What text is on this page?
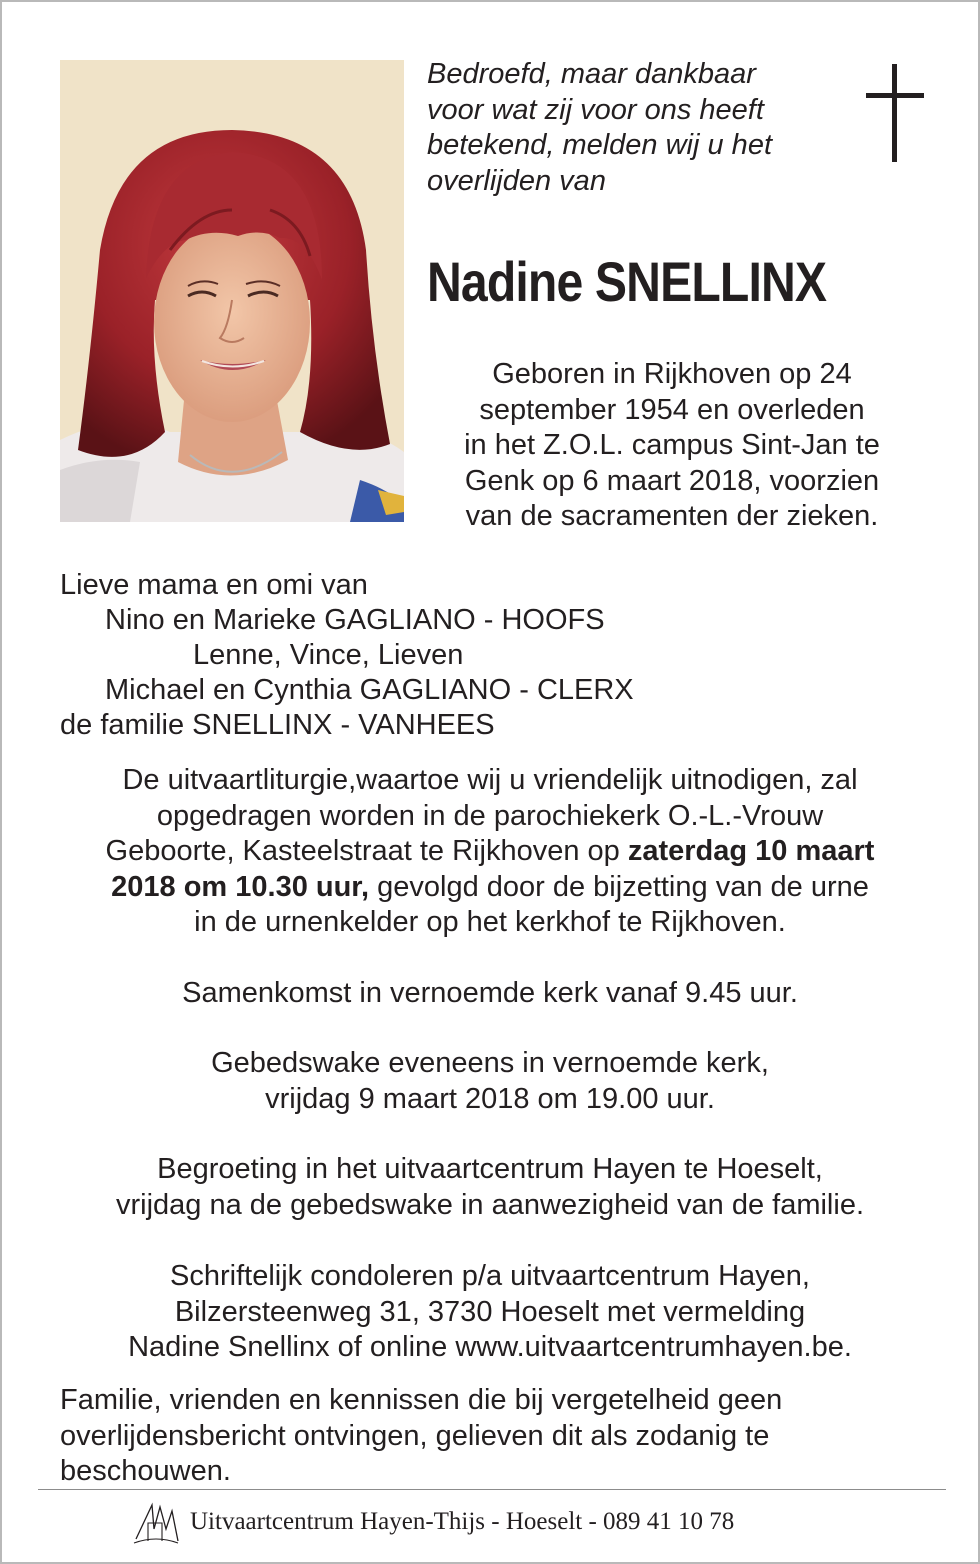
Bedroefd, maar dankbaar
voor wat zij voor ons heeft
betekend, melden wij u het
overlijden van
Nadine SNELLINX
Geboren in Rijkhoven op 24
september 1954 en overleden
in het Z.O.L. campus Sint-Jan te
Genk op 6 maart 2018, voorzien
van de sacramenten der zieken.
Lieve mama en omi van
Nino en Marieke GAGLIANO - HOOFS
Lenne, Vince, Lieven
Michael en Cynthia GAGLIANO - CLERX
de familie SNELLINX - VANHEES
De uitvaartliturgie,waartoe wij u vriendelijk uitnodigen, zal
opgedragen worden in de parochiekerk O.-L.-Vrouw
Geboorte, Kasteelstraat te Rijkhoven op zaterdag 10 maart
2018 om 10.30 uur, gevolgd door de bijzetting van de urne
in de urnenkelder op het kerkhof te Rijkhoven.
Samenkomst in vernoemde kerk vanaf 9.45 uur.
Gebedswake eveneens in vernoemde kerk,
vrijdag 9 maart 2018 om 19.00 uur.
Begroeting in het uitvaartcentrum Hayen te Hoeselt,
vrijdag na de gebedswake in aanwezigheid van de familie.
Schriftelijk condoleren p/a uitvaartcentrum Hayen,
Bilzersteenweg 31, 3730 Hoeselt met vermelding
Nadine Snellinx of online www.uitvaartcentrumhayen.be.
Familie, vrienden en kennissen die bij vergetelheid geen
overlijdensbericht ontvingen, gelieven dit als zodanig te
beschouwen.
Uitvaartcentrum Hayen-Thijs - Hoeselt - 089 41 10 78
